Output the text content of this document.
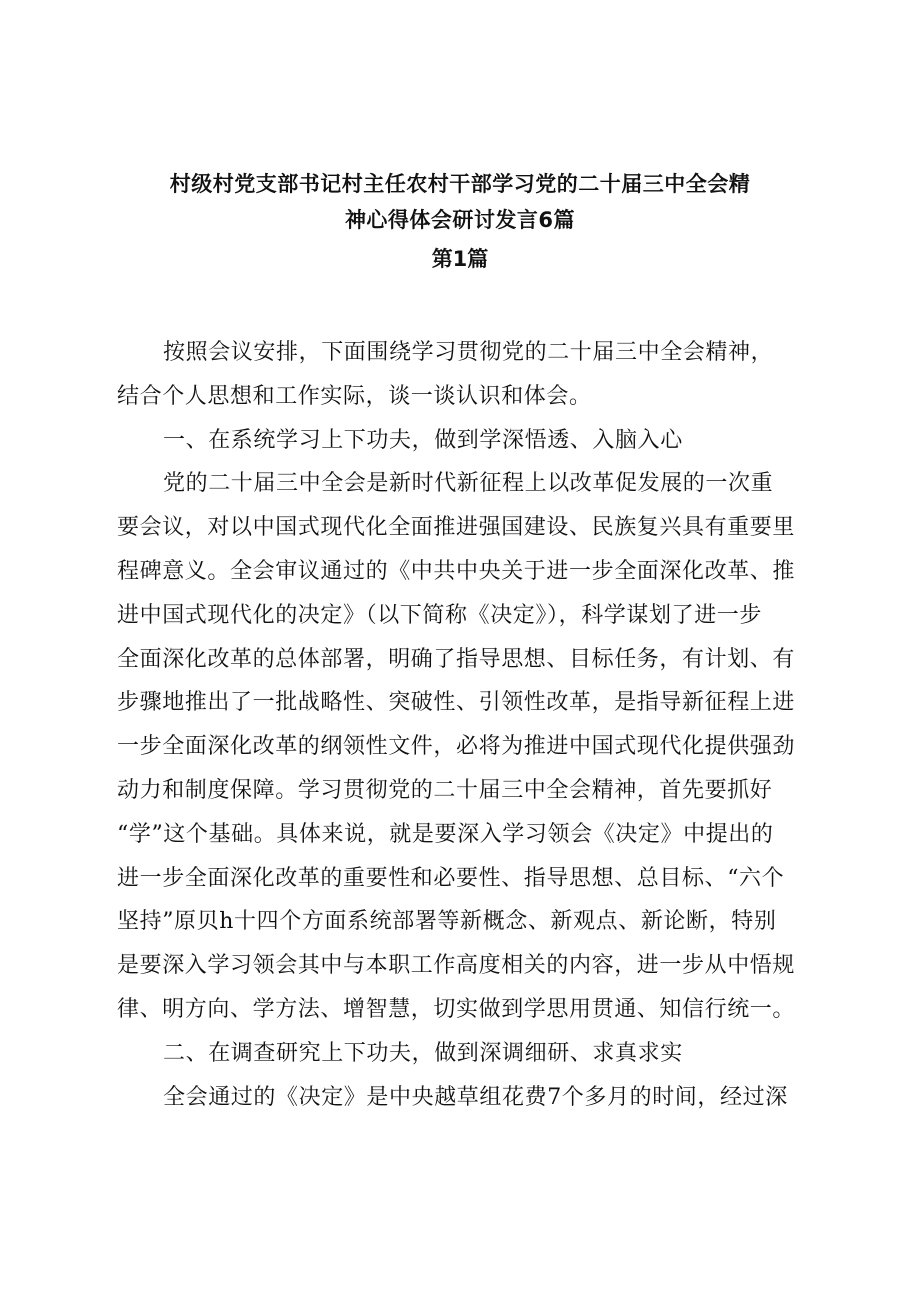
村级村党支部书记村主任农村干部学习党的二十届三中全会精
神心得体会研讨发言6篇
第1篇
按照会议安排，下面围绕学习贯彻党的二十届三中全会精神，
结合个人思想和工作实际，谈一谈认识和体会。
一、在系统学习上下功夫，做到学深悟透、入脑入心
党的二十届三中全会是新时代新征程上以改革促发展的一次重
要会议，对以中国式现代化全面推进强国建设、民族复兴具有重要里
程碑意义。全会审议通过的《中共中央关于进一步全面深化改革、推
进中国式现代化的决定》（以下简称《决定》），科学谋划了进一步
全面深化改革的总体部署，明确了指导思想、目标任务，有计划、有
步骤地推出了一批战略性、突破性、引领性改革，是指导新征程上进
一步全面深化改革的纲领性文件，必将为推进中国式现代化提供强劲
动力和制度保障。学习贯彻党的二十届三中全会精神，首先要抓好
“学”这个基础。具体来说，就是要深入学习领会《决定》中提出的
进一步全面深化改革的重要性和必要性、指导思想、总目标、“六个
坚持”原贝h十四个方面系统部署等新概念、新观点、新论断，特别
是要深入学习领会其中与本职工作高度相关的内容，进一步从中悟规
律、明方向、学方法、增智慧，切实做到学思用贯通、知信行统一。
二、在调查研究上下功夫，做到深调细研、求真求实
全会通过的《决定》是中央越草组花费7个多月的时间，经过深
